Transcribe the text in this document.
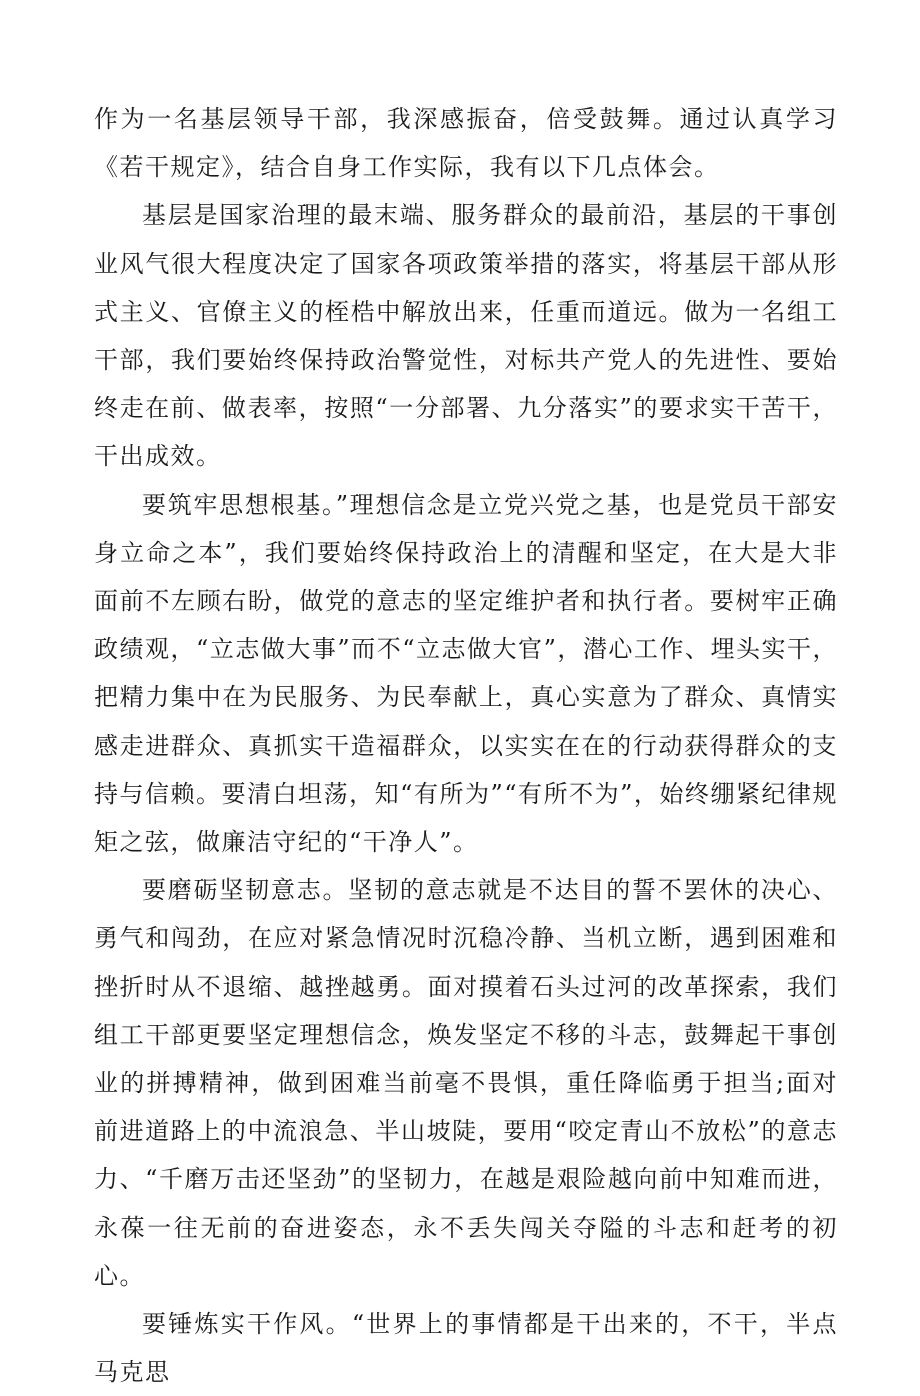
作为一名基层领导干部，我深感振奋，倍受鼓舞。通过认真学习《若干规定》，结合自身工作实际，我有以下几点体会。

基层是国家治理的最末端、服务群众的最前沿，基层的干事创业风气很大程度决定了国家各项政策举措的落实，将基层干部从形式主义、官僚主义的桎梏中解放出来，任重而道远。做为一名组工干部，我们要始终保持政治警觉性，对标共产党人的先进性、要始终走在前、做表率，按照“一分部署、九分落实”的要求实干苦干，干出成效。

要筑牢思想根基。”理想信念是立党兴党之基，也是党员干部安身立命之本”，我们要始终保持政治上的清醒和坚定，在大是大非面前不左顾右盼，做党的意志的坚定维护者和执行者。要树牢正确政绩观，“立志做大事”而不“立志做大官”，潜心工作、埋头实干，把精力集中在为民服务、为民奉献上，真心实意为了群众、真情实感走进群众、真抓实干造福群众，以实实在在的行动获得群众的支持与信赖。要清白坦荡，知“有所为”“有所不为”，始终绷紧纪律规矩之弦，做廉洁守纪的“干净人”。

要磨砺坚韧意志。坚韧的意志就是不达目的誓不罢休的决心、勇气和闯劲，在应对紧急情况时沉稳冷静、当机立断，遇到困难和挫折时从不退缩、越挫越勇。面对摸着石头过河的改革探索，我们组工干部更要坚定理想信念，焕发坚定不移的斗志，鼓舞起干事创业的拼搏精神，做到困难当前毫不畏惧，重任降临勇于担当;面对前进道路上的中流浪急、半山坡陡，要用“咬定青山不放松”的意志力、“千磨万击还坚劲”的坚韧力，在越是艰险越向前中知难而进，永葆一往无前的奋进姿态，永不丢失闯关夺隘的斗志和赶考的初心。

要锤炼实干作风。“世界上的事情都是干出来的，不干，半点马克思
